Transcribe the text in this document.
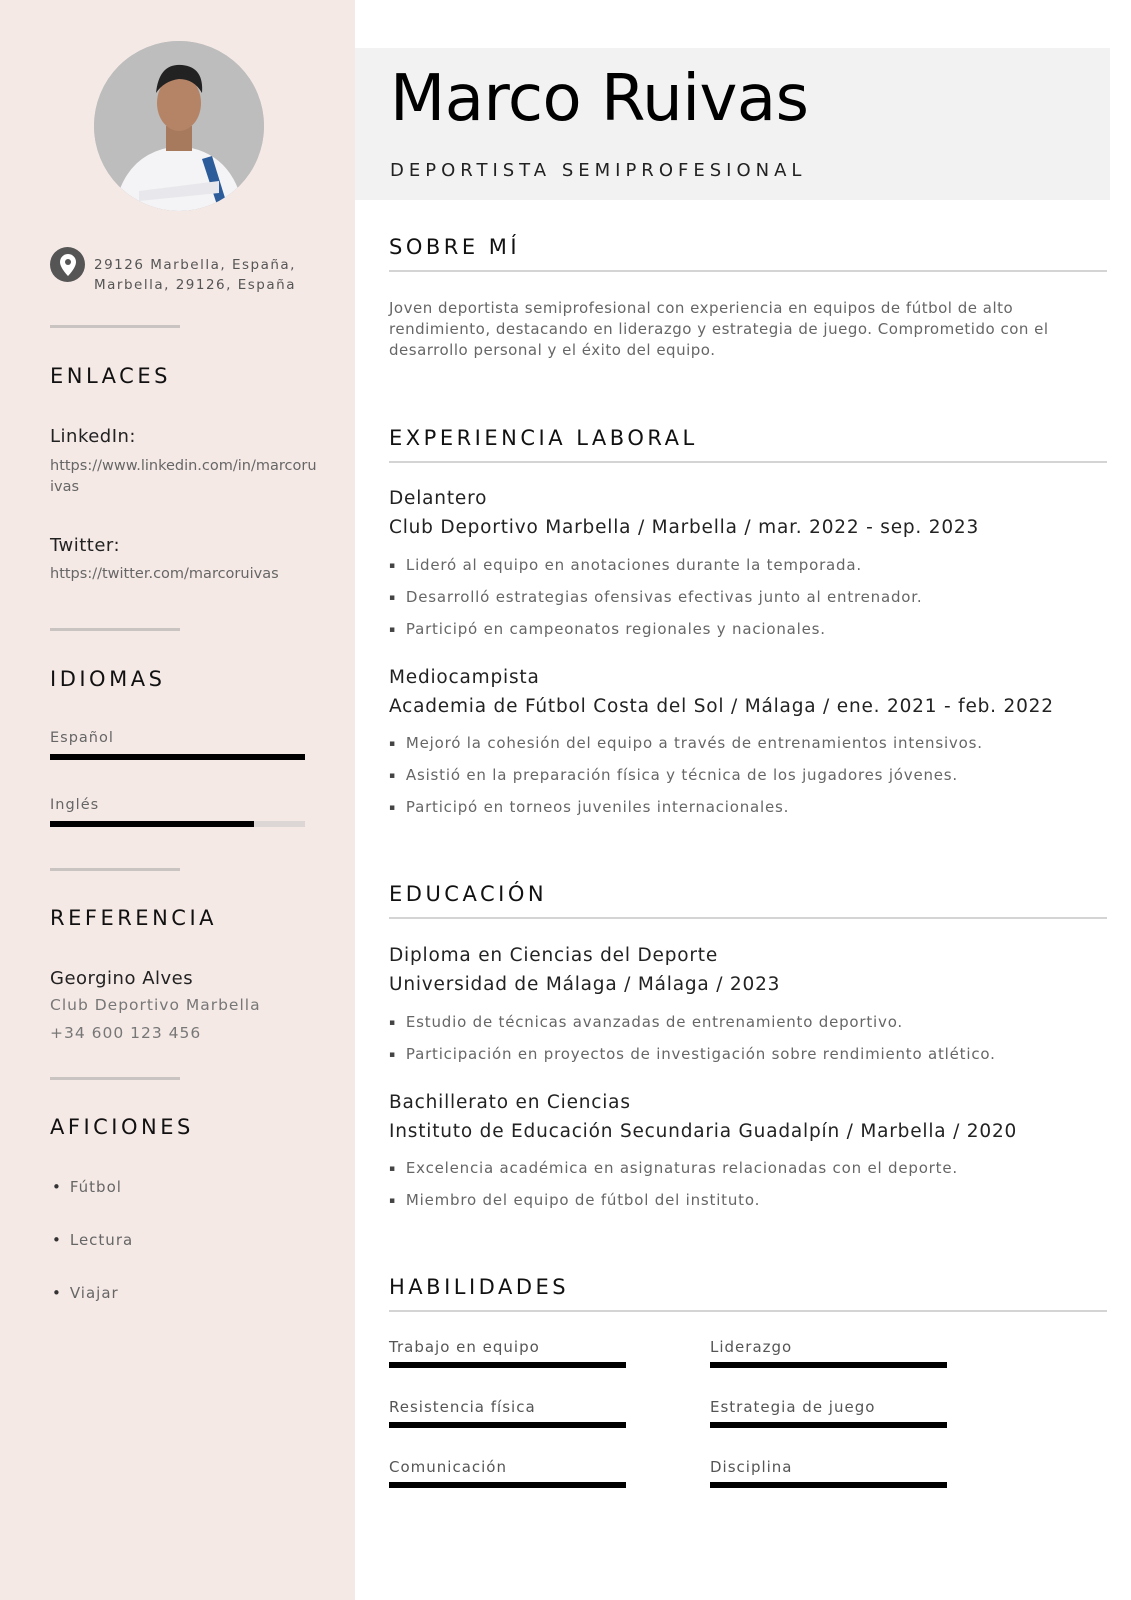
29126 Marbella, España,
Marbella, 29126, España
ENLACES
LinkedIn:
https://www.linkedin.com/in/marcoruivas
Twitter:
https://twitter.com/marcoruivas
IDIOMAS
Español
Inglés
REFERENCIA
Georgino Alves
Club Deportivo Marbella
+34 600 123 456
AFICIONES
• Fútbol
• Lectura
• Viajar
Marco Ruivas
DEPORTISTA SEMIPROFESIONAL
SOBRE MÍ
Joven deportista semiprofesional con experiencia en equipos de fútbol de alto rendimiento, destacando en liderazgo y estrategia de juego. Comprometido con el desarrollo personal y el éxito del equipo.
EXPERIENCIA LABORAL
Delantero
Club Deportivo Marbella / Marbella / mar. 2022 - sep. 2023
▪ Lideró al equipo en anotaciones durante la temporada.
▪ Desarrolló estrategias ofensivas efectivas junto al entrenador.
▪ Participó en campeonatos regionales y nacionales.
Mediocampista
Academia de Fútbol Costa del Sol / Málaga / ene. 2021 - feb. 2022
▪ Mejoró la cohesión del equipo a través de entrenamientos intensivos.
▪ Asistió en la preparación física y técnica de los jugadores jóvenes.
▪ Participó en torneos juveniles internacionales.
EDUCACIÓN
Diploma en Ciencias del Deporte
Universidad de Málaga / Málaga / 2023
▪ Estudio de técnicas avanzadas de entrenamiento deportivo.
▪ Participación en proyectos de investigación sobre rendimiento atlético.
Bachillerato en Ciencias
Instituto de Educación Secundaria Guadalpín / Marbella / 2020
▪ Excelencia académica en asignaturas relacionadas con el deporte.
▪ Miembro del equipo de fútbol del instituto.
HABILIDADES
Trabajo en equipo	Liderazgo
Resistencia física	Estrategia de juego
Comunicación	Disciplina
